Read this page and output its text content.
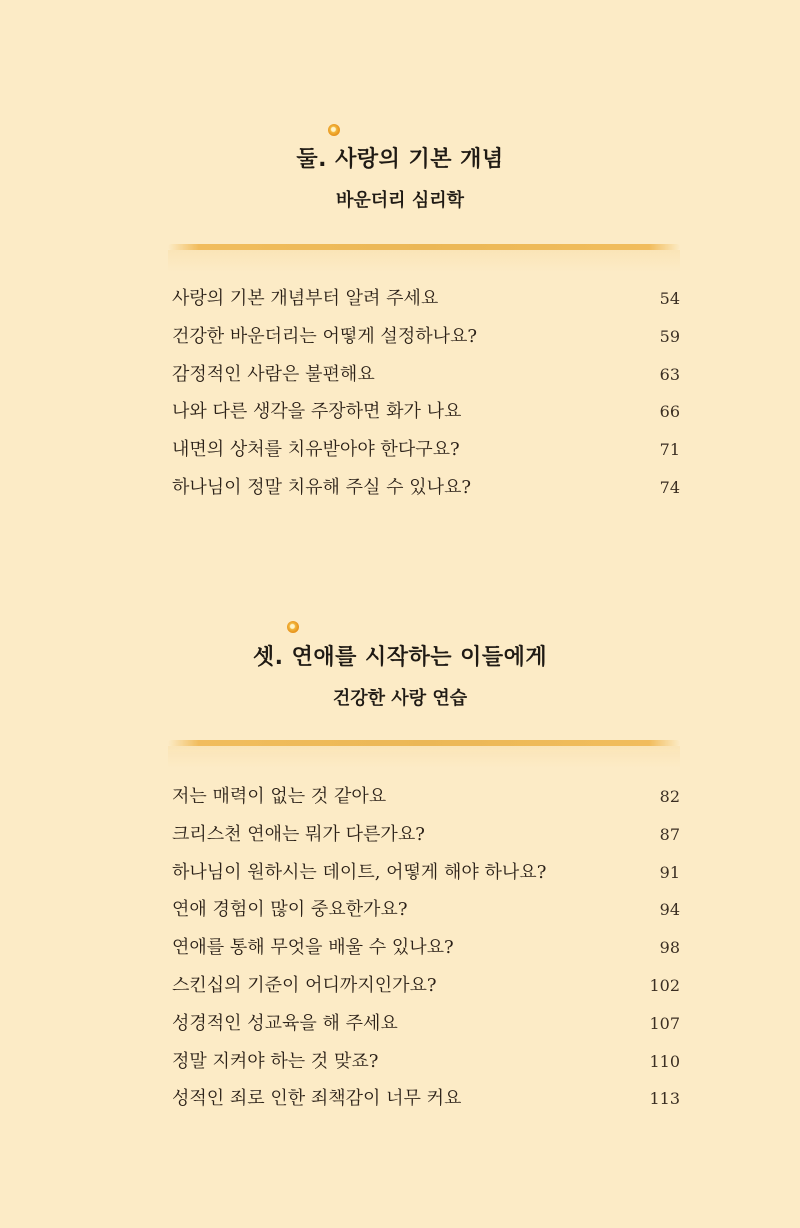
둘. 사랑의 기본 개념
바운더리 심리학
사랑의 기본 개념부터 알려 주세요	54
건강한 바운더리는 어떻게 설정하나요?	59
감정적인 사람은 불편해요	63
나와 다른 생각을 주장하면 화가 나요	66
내면의 상처를 치유받아야 한다구요?	71
하나님이 정말 치유해 주실 수 있나요?	74
셋. 연애를 시작하는 이들에게
건강한 사랑 연습
저는 매력이 없는 것 같아요	82
크리스천 연애는 뭐가 다른가요?	87
하나님이 원하시는 데이트, 어떻게 해야 하나요?	91
연애 경험이 많이 중요한가요?	94
연애를 통해 무엇을 배울 수 있나요?	98
스킨십의 기준이 어디까지인가요?	102
성경적인 성교육을 해 주세요	107
정말 지켜야 하는 것 맞죠?	110
성적인 죄로 인한 죄책감이 너무 커요	113
